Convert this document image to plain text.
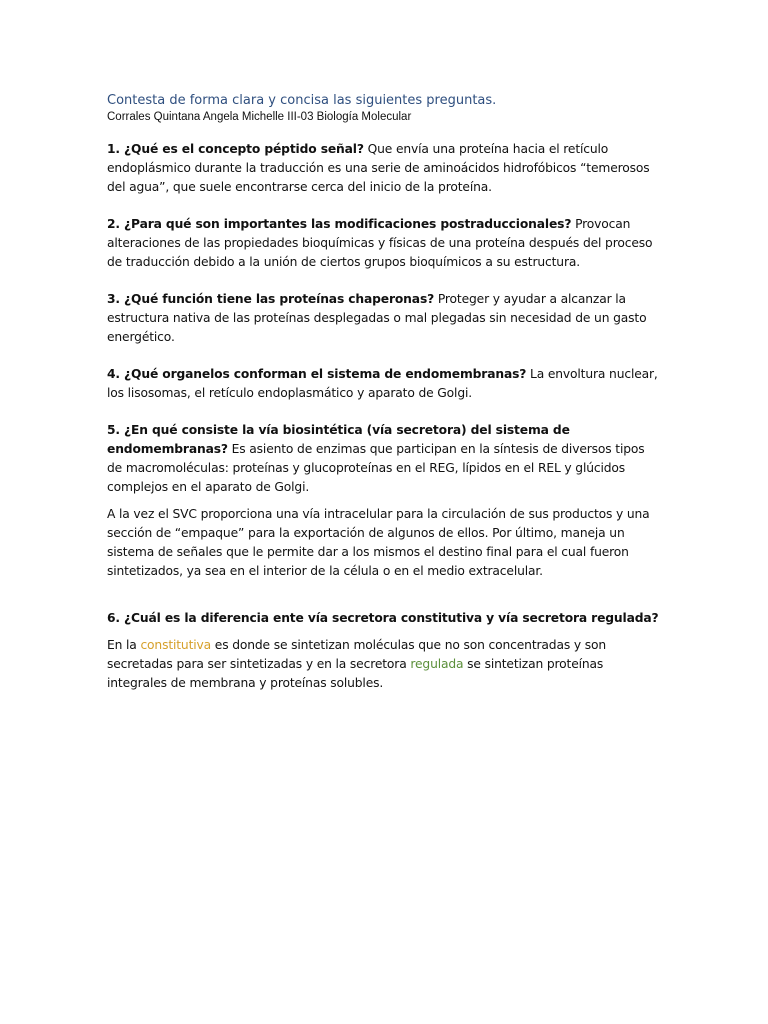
Contesta de forma clara y concisa las siguientes preguntas.

Corrales Quintana Angela Michelle III-03 Biología Molecular

1. ¿Qué es el concepto péptido señal? Que envía una proteína hacia el retículo endoplásmico durante la traducción es una serie de aminoácidos hidrofóbicos “temerosos del agua”, que suele encontrarse cerca del inicio de la proteína.

2. ¿Para qué son importantes las modificaciones postraduccionales? Provocan alteraciones de las propiedades bioquímicas y físicas de una proteína después del proceso de traducción debido a la unión de ciertos grupos bioquímicos a su estructura.

3. ¿Qué función tiene las proteínas chaperonas? Proteger y ayudar a alcanzar la estructura nativa de las proteínas desplegadas o mal plegadas sin necesidad de un gasto energético.

4. ¿Qué organelos conforman el sistema de endomembranas? La envoltura nuclear, los lisosomas, el retículo endoplasmático y aparato de Golgi.

5. ¿En qué consiste la vía biosintética (vía secretora) del sistema de endomembranas? Es asiento de enzimas que participan en la síntesis de diversos tipos de macromoléculas: proteínas y glucoproteínas en el REG, lípidos en el REL y glúcidos complejos en el aparato de Golgi.

A la vez el SVC proporciona una vía intracelular para la circulación de sus productos y una sección de “empaque” para la exportación de algunos de ellos. Por último, maneja un sistema de señales que le permite dar a los mismos el destino final para el cual fueron sintetizados, ya sea en el interior de la célula o en el medio extracelular.

6. ¿Cuál es la diferencia ente vía secretora constitutiva y vía secretora regulada?

En la constitutiva es donde se sintetizan moléculas que no son concentradas y son secretadas para ser sintetizadas y en la secretora regulada se sintetizan proteínas integrales de membrana y proteínas solubles.
